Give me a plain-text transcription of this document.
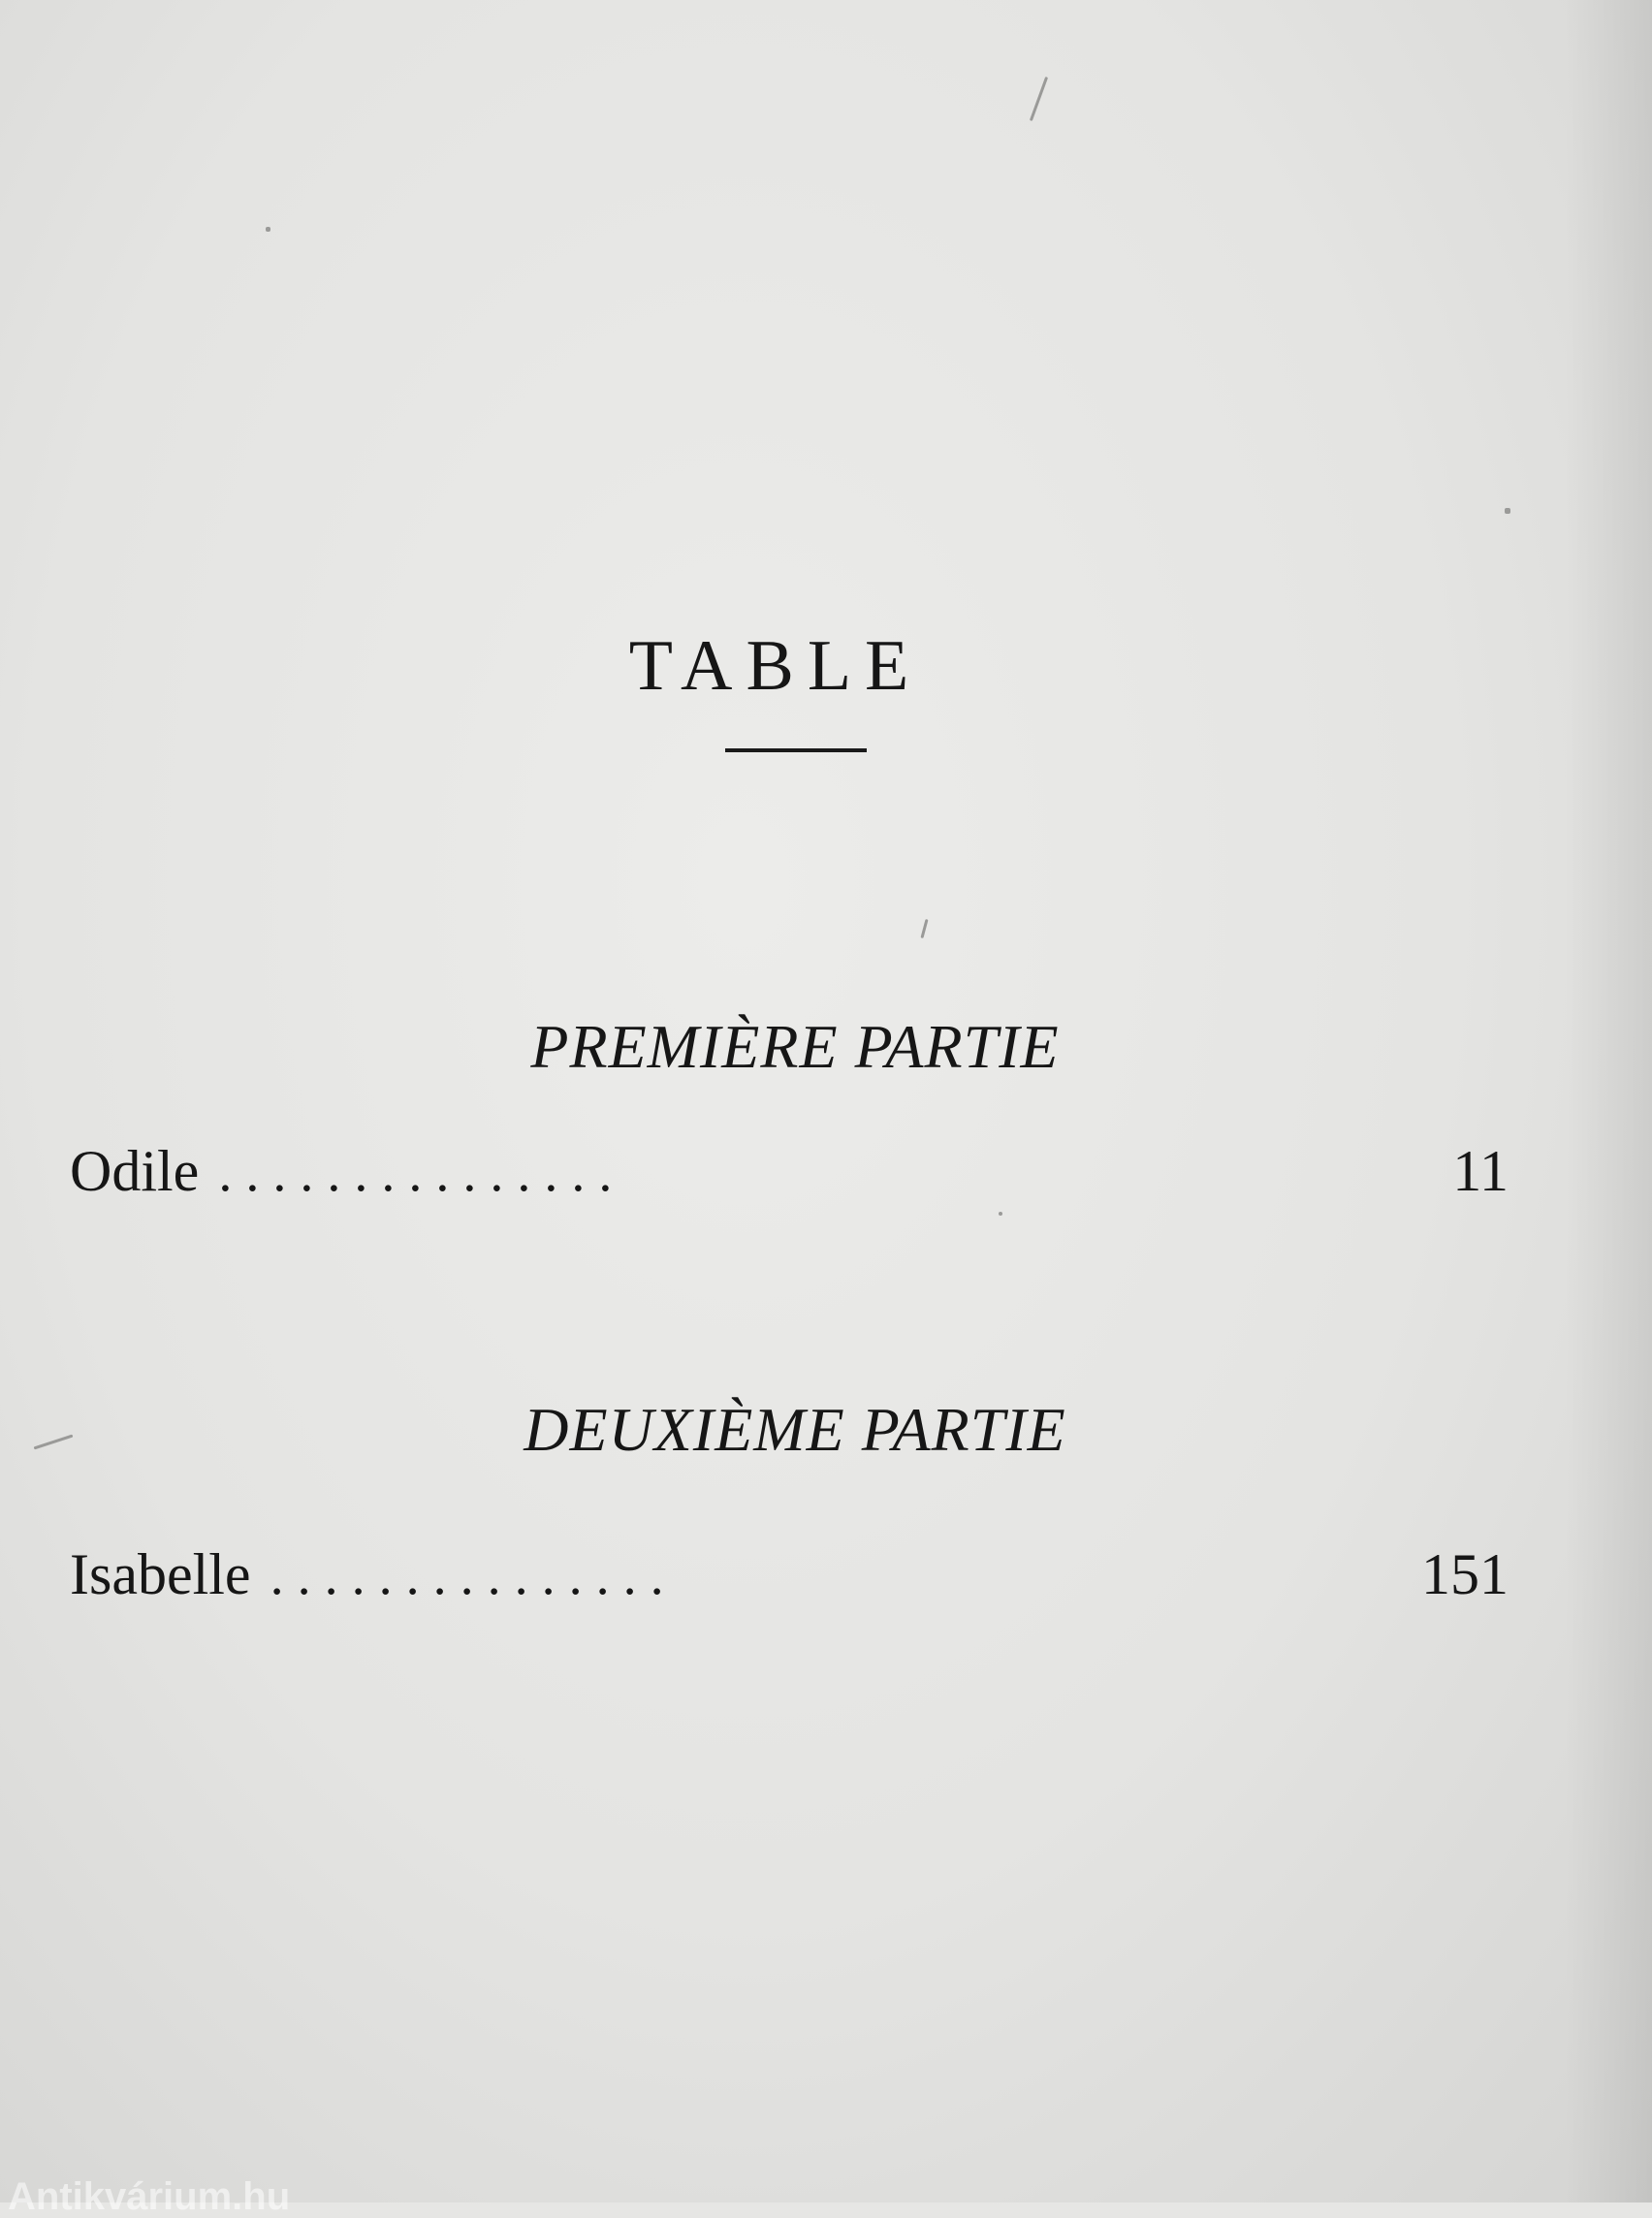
TABLE
PREMIÈRE PARTIE
Odile . . . . . . . . . . . . . . .	11
DEUXIÈME PARTIE
Isabelle . . . . . . . . . . . . . . .	151
Antikvárium.hu
